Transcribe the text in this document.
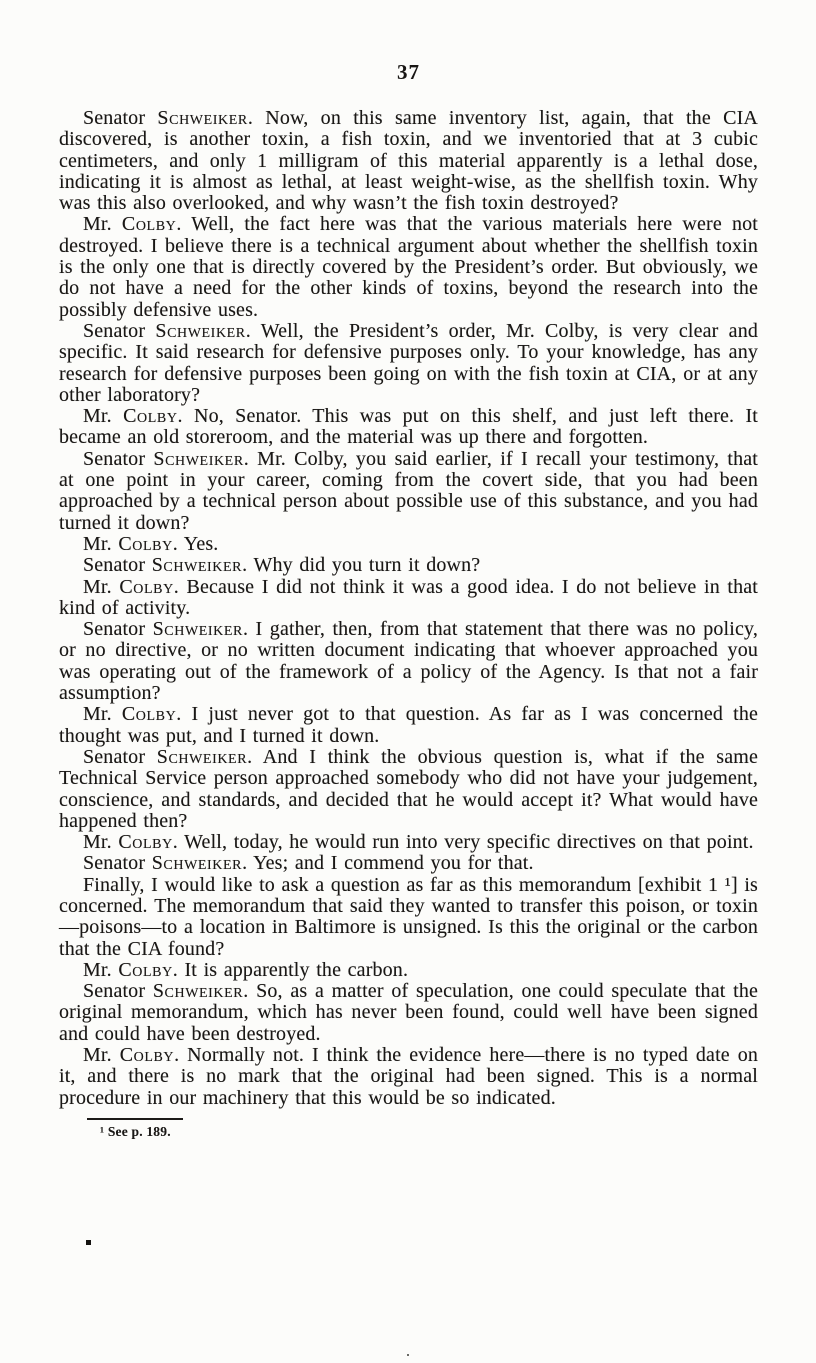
37

Senator Schweiker. Now, on this same inventory list, again, that the CIA discovered, is another toxin, a fish toxin, and we inventoried that at 3 cubic centimeters, and only 1 milligram of this material apparently is a lethal dose, indicating it is almost as lethal, at least weight-wise, as the shellfish toxin. Why was this also overlooked, and why wasn’t the fish toxin destroyed?

Mr. Colby. Well, the fact here was that the various materials here were not destroyed. I believe there is a technical argument about whether the shellfish toxin is the only one that is directly covered by the President’s order. But obviously, we do not have a need for the other kinds of toxins, beyond the research into the possibly defensive uses.

Senator Schweiker. Well, the President’s order, Mr. Colby, is very clear and specific. It said research for defensive purposes only. To your knowledge, has any research for defensive purposes been going on with the fish toxin at CIA, or at any other laboratory?

Mr. Colby. No, Senator. This was put on this shelf, and just left there. It became an old storeroom, and the material was up there and forgotten.

Senator Schweiker. Mr. Colby, you said earlier, if I recall your testimony, that at one point in your career, coming from the covert side, that you had been approached by a technical person about possible use of this substance, and you had turned it down?

Mr. Colby. Yes.

Senator Schweiker. Why did you turn it down?

Mr. Colby. Because I did not think it was a good idea. I do not believe in that kind of activity.

Senator Schweiker. I gather, then, from that statement that there was no policy, or no directive, or no written document indicating that whoever approached you was operating out of the framework of a policy of the Agency. Is that not a fair assumption?

Mr. Colby. I just never got to that question. As far as I was concerned the thought was put, and I turned it down.

Senator Schweiker. And I think the obvious question is, what if the same Technical Service person approached somebody who did not have your judgement, conscience, and standards, and decided that he would accept it? What would have happened then?

Mr. Colby. Well, today, he would run into very specific directives on that point.

Senator Schweiker. Yes; and I commend you for that.

Finally, I would like to ask a question as far as this memorandum [exhibit 1 ¹] is concerned. The memorandum that said they wanted to transfer this poison, or toxin—poisons—to a location in Baltimore is unsigned. Is this the original or the carbon that the CIA found?

Mr. Colby. It is apparently the carbon.

Senator Schweiker. So, as a matter of speculation, one could speculate that the original memorandum, which has never been found, could well have been signed and could have been destroyed.

Mr. Colby. Normally not. I think the evidence here—there is no typed date on it, and there is no mark that the original had been signed. This is a normal procedure in our machinery that this would be so indicated.

¹ See p. 189.
